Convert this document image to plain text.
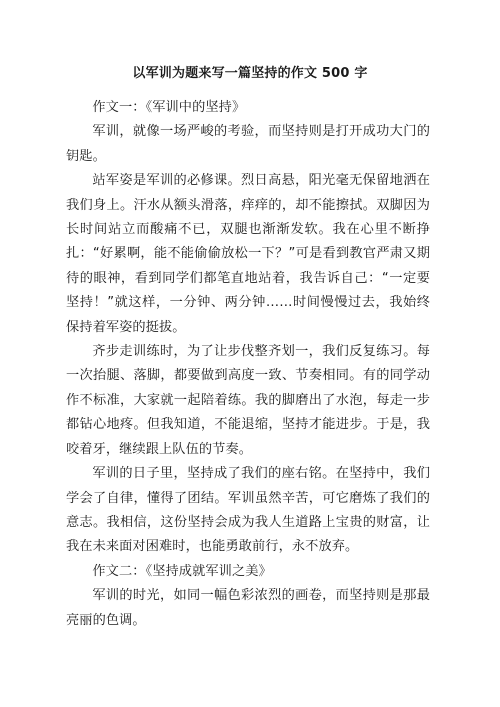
以军训为题来写一篇坚持的作文 500 字

作文一：《军训中的坚持》

军训，就像一场严峻的考验，而坚持则是打开成功大门的钥匙。

站军姿是军训的必修课。烈日高悬，阳光毫无保留地洒在我们身上。汗水从额头滑落，痒痒的，却不能擦拭。双脚因为长时间站立而酸痛不已，双腿也渐渐发软。我在心里不断挣扎：“好累啊，能不能偷偷放松一下？”可是看到教官严肃又期待的眼神，看到同学们都笔直地站着，我告诉自己：“一定要坚持！”就这样，一分钟、两分钟……时间慢慢过去，我始终保持着军姿的挺拔。

齐步走训练时，为了让步伐整齐划一，我们反复练习。每一次抬腿、落脚，都要做到高度一致、节奏相同。有的同学动作不标准，大家就一起陪着练。我的脚磨出了水泡，每走一步都钻心地疼。但我知道，不能退缩，坚持才能进步。于是，我咬着牙，继续跟上队伍的节奏。

军训的日子里，坚持成了我们的座右铭。在坚持中，我们学会了自律，懂得了团结。军训虽然辛苦，可它磨炼了我们的意志。我相信，这份坚持会成为我人生道路上宝贵的财富，让我在未来面对困难时，也能勇敢前行，永不放弃。

作文二：《坚持成就军训之美》

军训的时光，如同一幅色彩浓烈的画卷，而坚持则是那最亮丽的色调。
